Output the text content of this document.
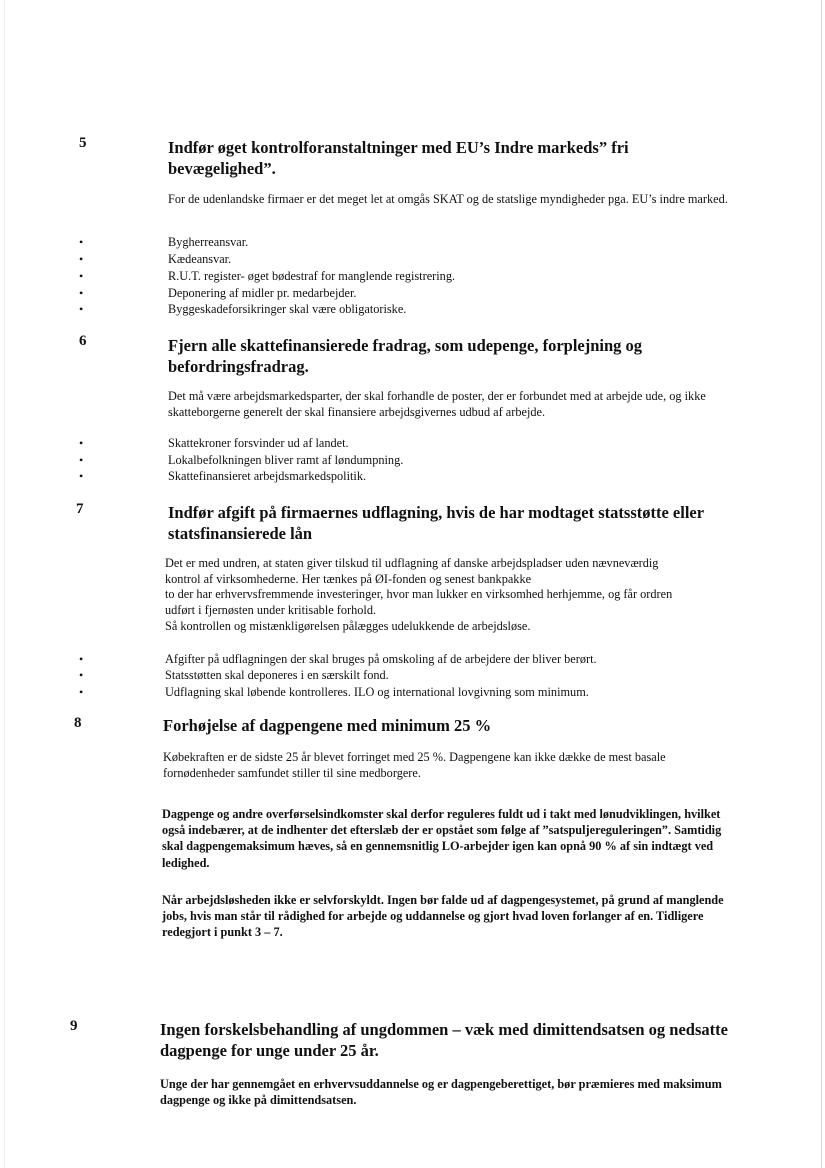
5	Indfør øget kontrolforanstaltninger med EU’s Indre markeds” fri bevægelighed”.

For de udenlandske firmaer er det meget let at omgås SKAT og de statslige myndigheder pga. EU’s indre marked.

•	Bygherreansvar.
•	Kædeansvar.
•	R.U.T. register- øget bødestraf for manglende registrering.
•	Deponering af midler pr. medarbejder.
•	Byggeskadeforsikringer skal være obligatoriske.
6	Fjern alle skattefinansierede fradrag, som udepenge, forplejning og befordringsfradrag.

Det må være arbejdsmarkedsparter, der skal forhandle de poster, der er forbundet med at arbejde ude, og ikke skatteborgerne generelt der skal finansiere arbejdsgivernes udbud af arbejde.

•	Skattekroner forsvinder ud af landet.
•	Lokalbefolkningen bliver ramt af løndumpning.
•	Skattefinansieret arbejdsmarkedspolitik.
7	Indfør afgift på firmaernes udflagning, hvis de har modtaget statsstøtte eller statsfinansierede lån
Det er med undren, at staten giver tilskud til udflagning af danske arbejdspladser uden nævneværdig
kontrol af virksomhederne. Her tænkes på ØI-fonden og senest bankpakke
to der har erhvervsfremmende investeringer, hvor man lukker en virksomhed herhjemme, og får ordren
udført i fjernøsten under kritisable forhold.
Så kontrollen og mistænkligørelsen pålægges udelukkende de arbejdsløse.
•	Afgifter på udflagningen der skal bruges på omskoling af de arbejdere der bliver berørt.
•	Statsstøtten skal deponeres i en særskilt fond.
•	Udflagning skal løbende kontrolleres. ILO og international lovgivning som minimum.
8	Forhøjelse af dagpengene med minimum 25 %

Købekraften er de sidste 25 år blevet forringet med 25 %. Dagpengene kan ikke dække de mest basale fornødenheder samfundet stiller til sine medborgere.

Dagpenge og andre overførselsindkomster skal derfor reguleres fuldt ud i takt med lønudviklingen, hvilket også indebærer, at de indhenter det efterslæb der er opstået som følge af ”satspuljereguleringen”. Samtidig skal dagpengemaksimum hæves, så en gennemsnitlig LO-arbejder igen kan opnå 90 % af sin indtægt ved ledighed.

Når arbejdsløsheden ikke er selvforskyldt. Ingen bør falde ud af dagpengesystemet, på grund af manglende jobs, hvis man står til rådighed for arbejde og uddannelse og gjort hvad loven forlanger af en. Tidligere redegjort i punkt 3 – 7.

9	Ingen forskelsbehandling af ungdommen – væk med dimittendsatsen og nedsatte dagpenge for unge under 25 år.

Unge der har gennemgået en erhvervsuddannelse og er dagpengeberettiget, bør præmieres med maksimum dagpenge og ikke på dimittendsatsen.
